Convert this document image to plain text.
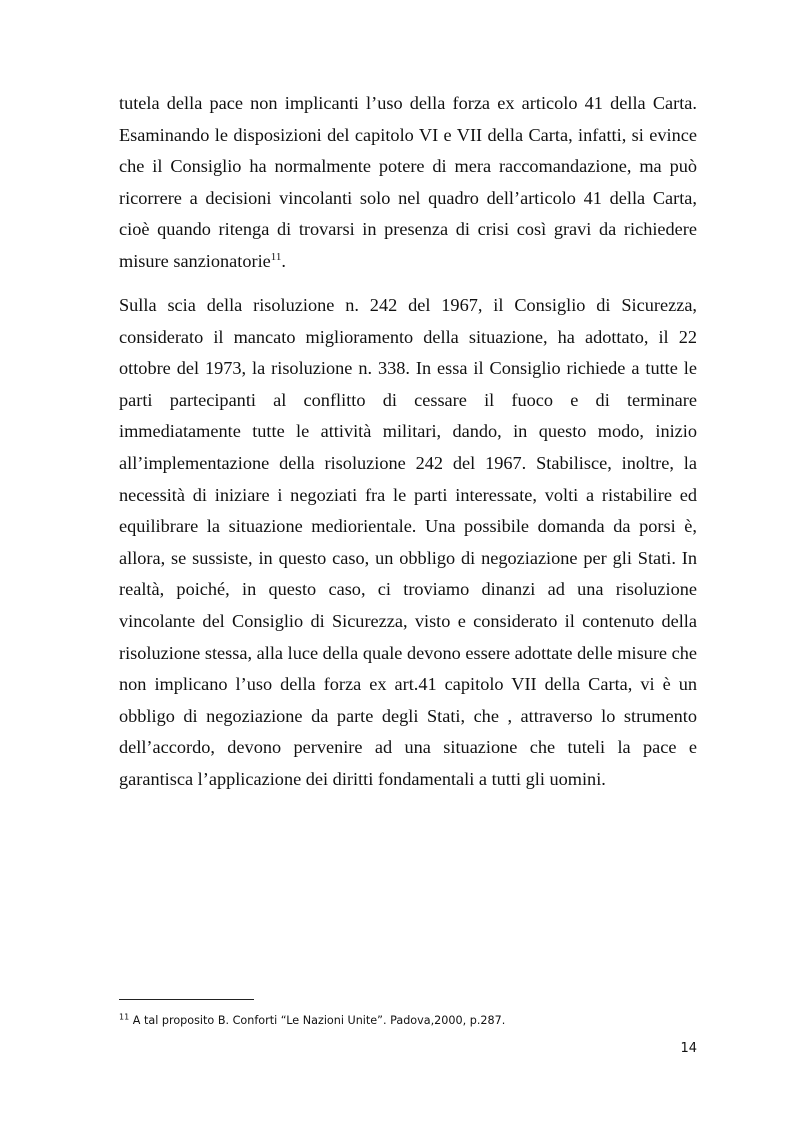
tutela della pace non implicanti l’uso della forza ex articolo 41 della Carta. Esaminando le disposizioni del capitolo VI e VII della Carta, infatti, si evince che il Consiglio ha normalmente potere di mera raccomandazione, ma può ricorrere a decisioni vincolanti solo nel quadro dell’articolo 41 della Carta, cioè quando ritenga di trovarsi in presenza di crisi così gravi da richiedere misure sanzionatorie$^{11}$.

Sulla scia della risoluzione n. 242 del 1967, il Consiglio di Sicurezza, considerato il mancato miglioramento della situazione, ha adottato, il 22 ottobre del 1973, la risoluzione n. 338. In essa il Consiglio richiede a tutte le parti partecipanti al conflitto di cessare il fuoco e di terminare immediatamente tutte le attività militari, dando, in questo modo, inizio all’implementazione della risoluzione 242 del 1967. Stabilisce, inoltre, la necessità di iniziare i negoziati fra le parti interessate, volti a ristabilire ed equilibrare la situazione mediorientale. Una possibile domanda da porsi è, allora, se sussiste, in questo caso, un obbligo di negoziazione per gli Stati. In realtà, poiché, in questo caso, ci troviamo dinanzi ad una risoluzione vincolante del Consiglio di Sicurezza, visto e considerato il contenuto della risoluzione stessa, alla luce della quale devono essere adottate delle misure che non implicano l’uso della forza ex art.41 capitolo VII della Carta, vi è un obbligo di negoziazione da parte degli Stati, che , attraverso lo strumento dell’accordo, devono pervenire ad una situazione che tuteli la pace e garantisca l’applicazione dei diritti fondamentali a tutti gli uomini.

$^{11}$ A tal proposito B. Conforti “Le Nazioni Unite”. Padova,2000, p.287.

14
